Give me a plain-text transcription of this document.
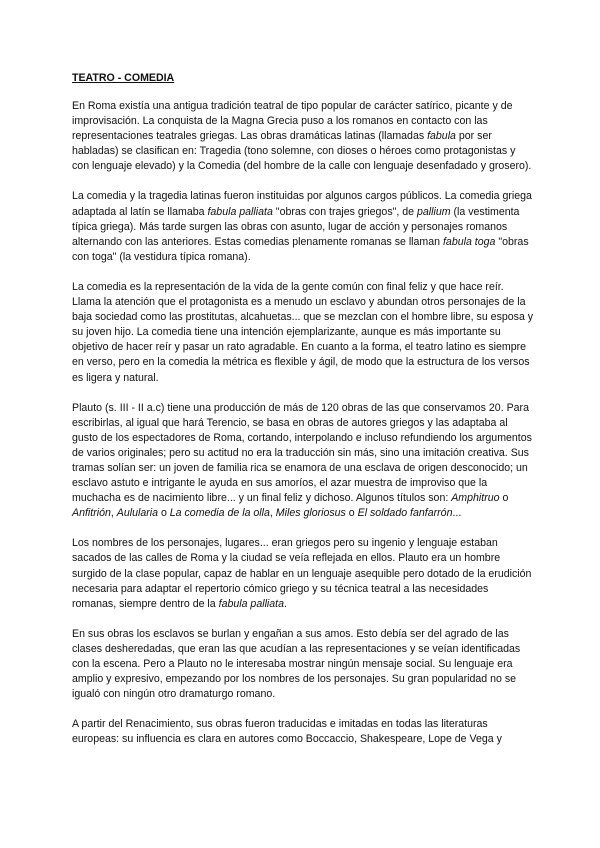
TEATRO - COMEDIA

En Roma existía una antigua tradición teatral de tipo popular de carácter satírico, picante y de improvisación. La conquista de la Magna Grecia puso a los romanos en contacto con las representaciones teatrales griegas. Las obras dramáticas latinas (llamadas fabula por ser habladas) se clasifican en: Tragedia (tono solemne, con dioses o héroes como protagonistas y con lenguaje elevado) y la Comedia (del hombre de la calle con lenguaje desenfadado y grosero).

La comedia y la tragedia latinas fueron instituidas por algunos cargos públicos. La comedia griega adaptada al latín se llamaba fabula palliata "obras con trajes griegos", de pallium (la vestimenta típica griega). Más tarde surgen las obras con asunto, lugar de acción y personajes romanos alternando con las anteriores. Estas comedias plenamente romanas se llaman fabula toga "obras con toga" (la vestidura típica romana).

La comedia es la representación de la vida de la gente común con final feliz y que hace reír. Llama la atención que el protagonista es a menudo un esclavo y abundan otros personajes de la baja sociedad como las prostitutas, alcahuetas... que se mezclan con el hombre libre, su esposa y su joven hijo. La comedia tiene una intención ejemplarizante, aunque es más importante su objetivo de hacer reír y pasar un rato agradable. En cuanto a la forma, el teatro latino es siempre en verso, pero en la comedia la métrica es flexible y ágil, de modo que la estructura de los versos es ligera y natural.

Plauto (s. III - II a.c) tiene una producción de más de 120 obras de las que conservamos 20. Para escribirlas, al igual que hará Terencio, se basa en obras de autores griegos y las adaptaba al gusto de los espectadores de Roma, cortando, interpolando e incluso refundiendo los argumentos de varios originales; pero su actitud no era la traducción sin más, sino una imitación creativa. Sus tramas solían ser: un joven de familia rica se enamora de una esclava de origen desconocido; un esclavo astuto e intrigante le ayuda en sus amoríos, el azar muestra de improviso que la muchacha es de nacimiento libre... y un final feliz y dichoso. Algunos títulos son: Amphitruo o Anfitrión, Aulularia o La comedia de la olla, Miles gloriosus o El soldado fanfarrón...

Los nombres de los personajes, lugares... eran griegos pero su ingenio y lenguaje estaban sacados de las calles de Roma y la ciudad se veía reflejada en ellos. Plauto era un hombre surgido de la clase popular, capaz de hablar en un lenguaje asequible pero dotado de la erudición necesaria para adaptar el repertorio cómico griego y su técnica teatral a las necesidades romanas, siempre dentro de la fabula palliata.

En sus obras los esclavos se burlan y engañan a sus amos. Esto debía ser del agrado de las clases desheredadas, que eran las que acudían a las representaciones y se veían identificadas con la escena. Pero a Plauto no le interesaba mostrar ningún mensaje social. Su lenguaje era amplio y expresivo, empezando por los nombres de los personajes. Su gran popularidad no se igualó con ningún otro dramaturgo romano.

A partir del Renacimiento, sus obras fueron traducidas e imitadas en todas las literaturas europeas: su influencia es clara en autores como Boccaccio, Shakespeare, Lope de Vega y
